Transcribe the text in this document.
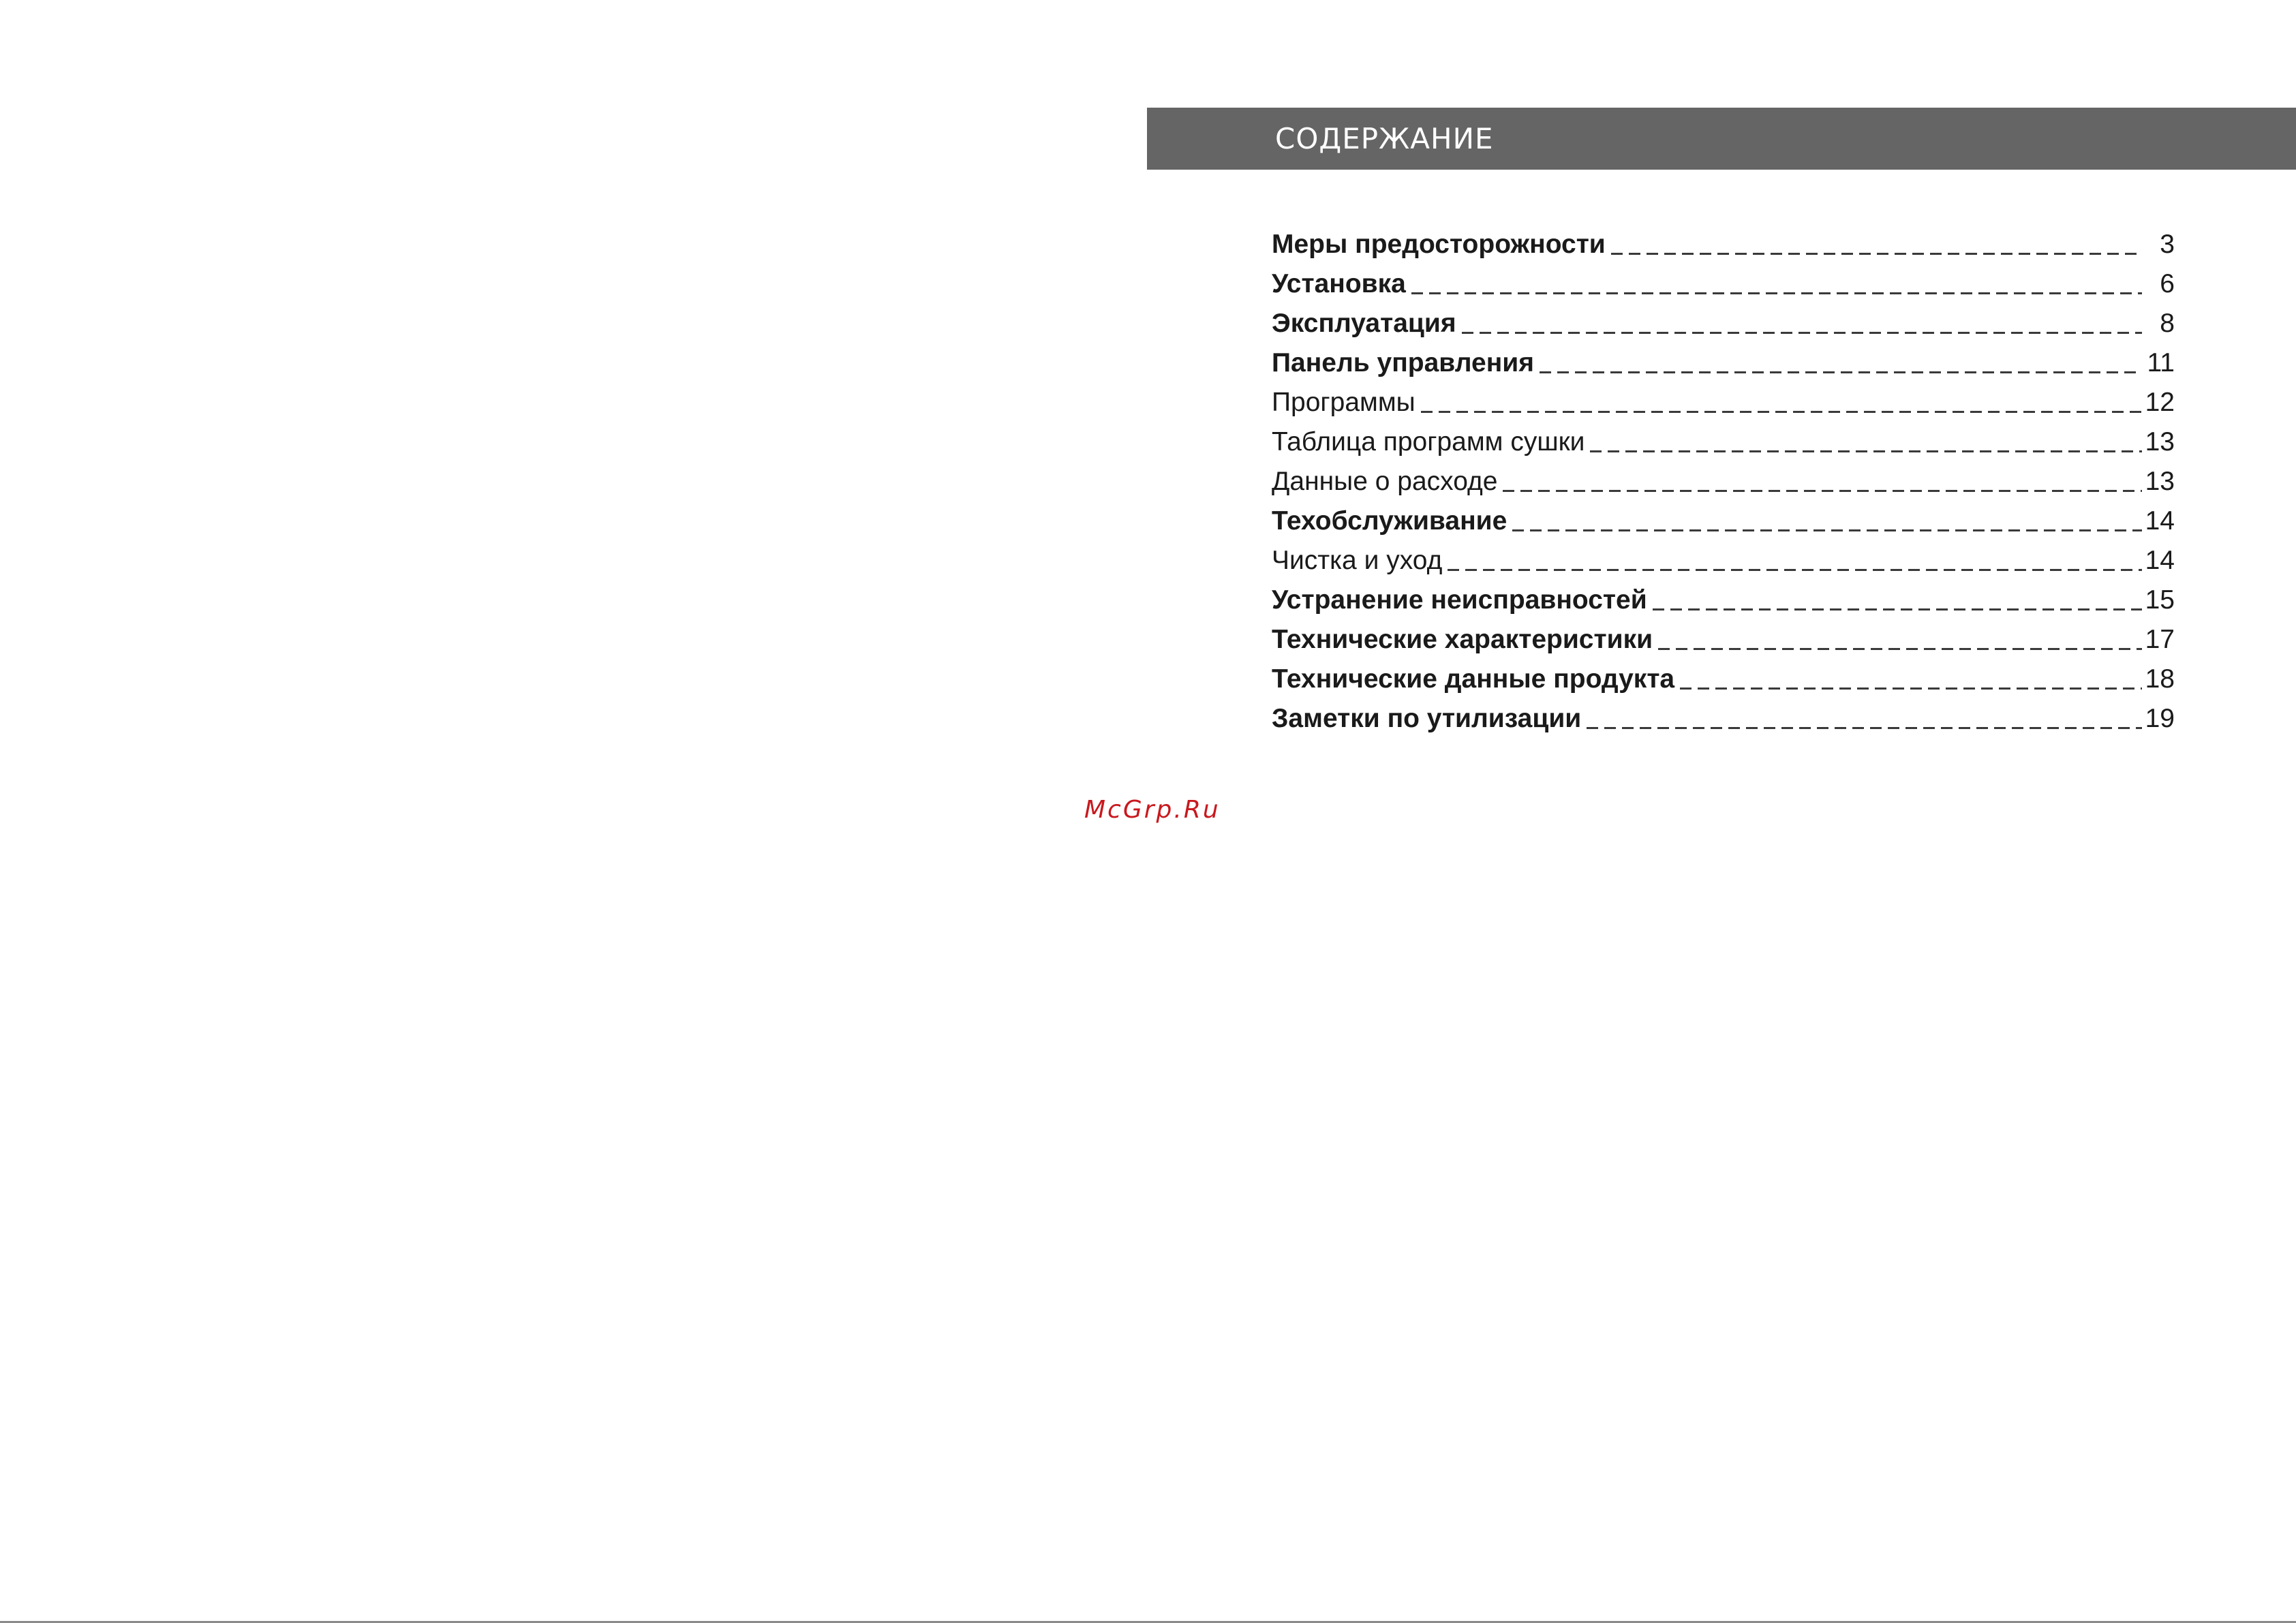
СОДЕРЖАНИЕ
Меры предосторожности	3
Установка	6
Эксплуатация	8
Панель управления	11
Программы	12
Таблица программ сушки	13
Данные о расходе	13
Техобслуживание	14
Чистка и уход	14
Устранение неисправностей	15
Технические характеристики	17
Технические данные продукта	18
Заметки по утилизации	19
McGrp.Ru
